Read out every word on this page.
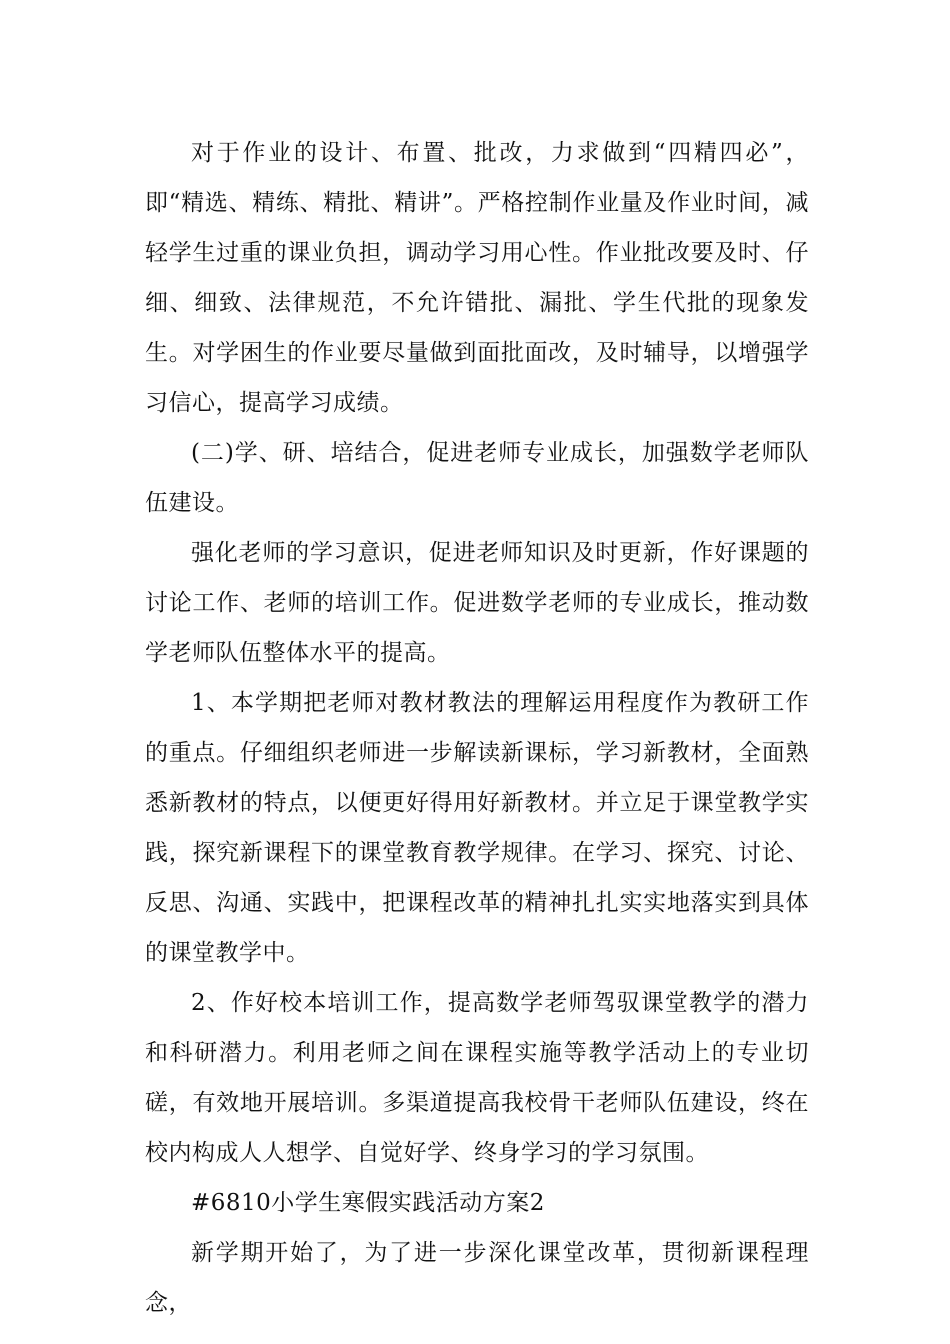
对于作业的设计、布置、批改，力求做到“四精四必”，即“精选、精练、精批、精讲”。严格控制作业量及作业时间，减轻学生过重的课业负担，调动学习用心性。作业批改要及时、仔细、细致、法律规范，不允许错批、漏批、学生代批的现象发生。对学困生的作业要尽量做到面批面改，及时辅导，以增强学习信心，提高学习成绩。

(二)学、研、培结合，促进老师专业成长，加强数学老师队伍建设。

强化老师的学习意识，促进老师知识及时更新，作好课题的讨论工作、老师的培训工作。促进数学老师的专业成长，推动数学老师队伍整体水平的提高。

1、本学期把老师对教材教法的理解运用程度作为教研工作的重点。仔细组织老师进一步解读新课标，学习新教材，全面熟悉新教材的特点，以便更好得用好新教材。并立足于课堂教学实践，探究新课程下的课堂教育教学规律。在学习、探究、讨论、反思、沟通、实践中，把课程改革的精神扎扎实实地落实到具体的课堂教学中。

2、作好校本培训工作，提高数学老师驾驭课堂教学的潜力和科研潜力。利用老师之间在课程实施等教学活动上的专业切磋，有效地开展培训。多渠道提高我校骨干老师队伍建设，终在校内构成人人想学、自觉好学、终身学习的学习氛围。

#6810小学生寒假实践活动方案2

新学期开始了，为了进一步深化课堂改革，贯彻新课程理念，
